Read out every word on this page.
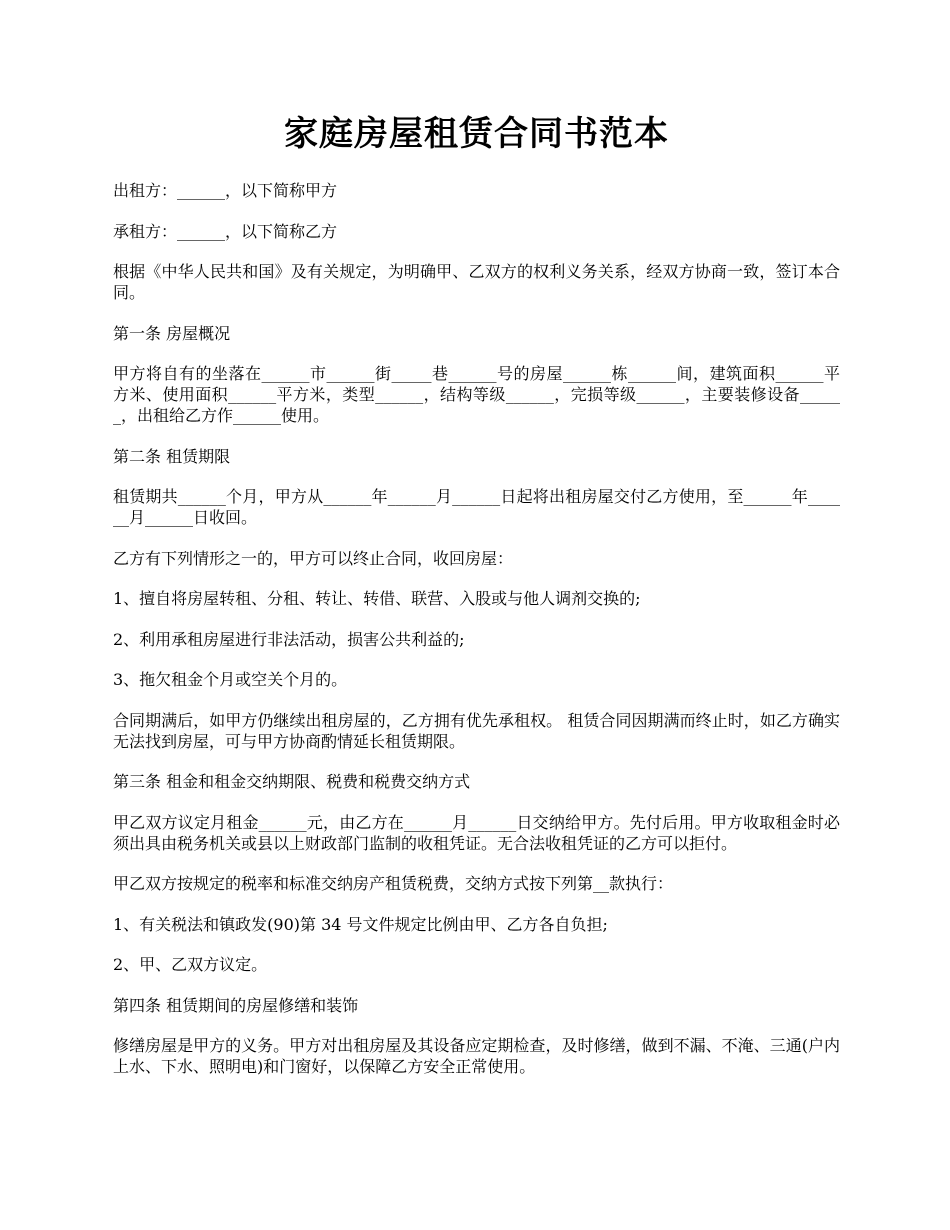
家庭房屋租赁合同书范本

出租方：______，以下简称甲方

承租方：______，以下简称乙方

根据《中华人民共和国》及有关规定，为明确甲、乙双方的权利义务关系，经双方协商一致，签订本合同。

第一条 房屋概况

甲方将自有的坐落在______市______街_____巷______号的房屋______栋______间，建筑面积______平方米、使用面积______平方米，类型______，结构等级______，完损等级______，主要装修设备______，出租给乙方作______使用。

第二条 租赁期限

租赁期共______个月，甲方从______年______月______日起将出租房屋交付乙方使用，至______年______月______日收回。

乙方有下列情形之一的，甲方可以终止合同，收回房屋：

1、擅自将房屋转租、分租、转让、转借、联营、入股或与他人调剂交换的;

2、利用承租房屋进行非法活动，损害公共利益的;

3、拖欠租金个月或空关个月的。

合同期满后，如甲方仍继续出租房屋的，乙方拥有优先承租权。 租赁合同因期满而终止时，如乙方确实无法找到房屋，可与甲方协商酌情延长租赁期限。

第三条 租金和租金交纳期限、税费和税费交纳方式

甲乙双方议定月租金______元，由乙方在______月______日交纳给甲方。先付后用。甲方收取租金时必须出具由税务机关或县以上财政部门监制的收租凭证。无合法收租凭证的乙方可以拒付。

甲乙双方按规定的税率和标准交纳房产租赁税费，交纳方式按下列第__款执行：

1、有关税法和镇政发(90)第 34 号文件规定比例由甲、乙方各自负担;

2、甲、乙双方议定。

第四条 租赁期间的房屋修缮和装饰

修缮房屋是甲方的义务。甲方对出租房屋及其设备应定期检查，及时修缮，做到不漏、不淹、三通(户内上水、下水、照明电)和门窗好，以保障乙方安全正常使用。
